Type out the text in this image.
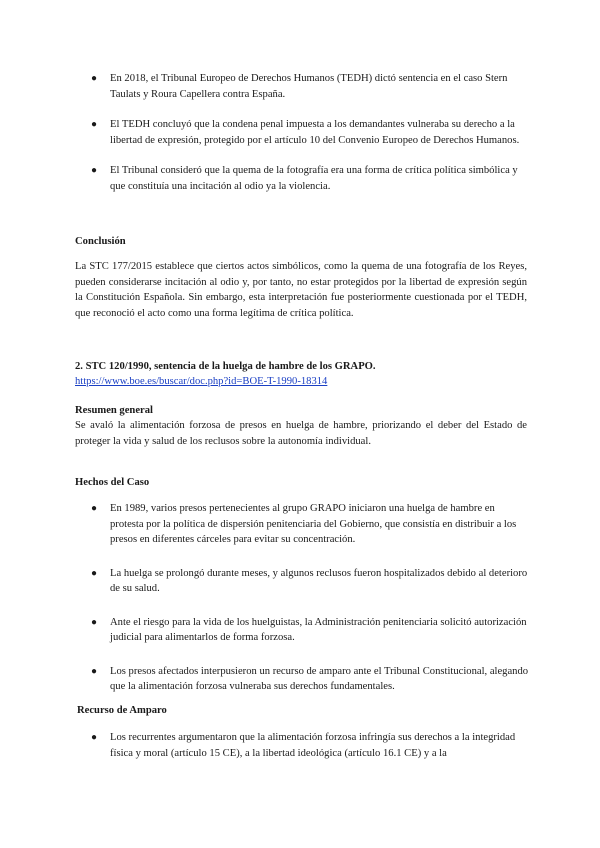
● En 2018, el Tribunal Europeo de Derechos Humanos (TEDH) dictó sentencia en el caso Stern Taulats y Roura Capellera contra España.
● El TEDH concluyó que la condena penal impuesta a los demandantes vulneraba su derecho a la libertad de expresión, protegido por el artículo 10 del Convenio Europeo de Derechos Humanos.
● El Tribunal consideró que la quema de la fotografía era una forma de crítica política simbólica y que constituía una incitación al odio ya la violencia.
Conclusión
La STC 177/2015 establece que ciertos actos simbólicos, como la quema de una fotografía de los Reyes, pueden considerarse incitación al odio y, por tanto, no estar protegidos por la libertad de expresión según la Constitución Española. Sin embargo, esta interpretación fue posteriormente cuestionada por el TEDH, que reconoció el acto como una forma legítima de crítica política.
2. STC 120/1990, sentencia de la huelga de hambre de los GRAPO.
https://www.boe.es/buscar/doc.php?id=BOE-T-1990-18314
Resumen general
Se avaló la alimentación forzosa de presos en huelga de hambre, priorizando el deber del Estado de proteger la vida y salud de los reclusos sobre la autonomía individual.
Hechos del Caso
● En 1989, varios presos pertenecientes al grupo GRAPO iniciaron una huelga de hambre en protesta por la política de dispersión penitenciaria del Gobierno, que consistía en distribuir a los presos en diferentes cárceles para evitar su concentración.
● La huelga se prolongó durante meses, y algunos reclusos fueron hospitalizados debido al deterioro de su salud.
● Ante el riesgo para la vida de los huelguistas, la Administración penitenciaria solicitó autorización judicial para alimentarlos de forma forzosa.
● Los presos afectados interpusieron un recurso de amparo ante el Tribunal Constitucional, alegando que la alimentación forzosa vulneraba sus derechos fundamentales.
Recurso de Amparo
● Los recurrentes argumentaron que la alimentación forzosa infringía sus derechos a la integridad física y moral (artículo 15 CE), a la libertad ideológica (artículo 16.1 CE) y a la
